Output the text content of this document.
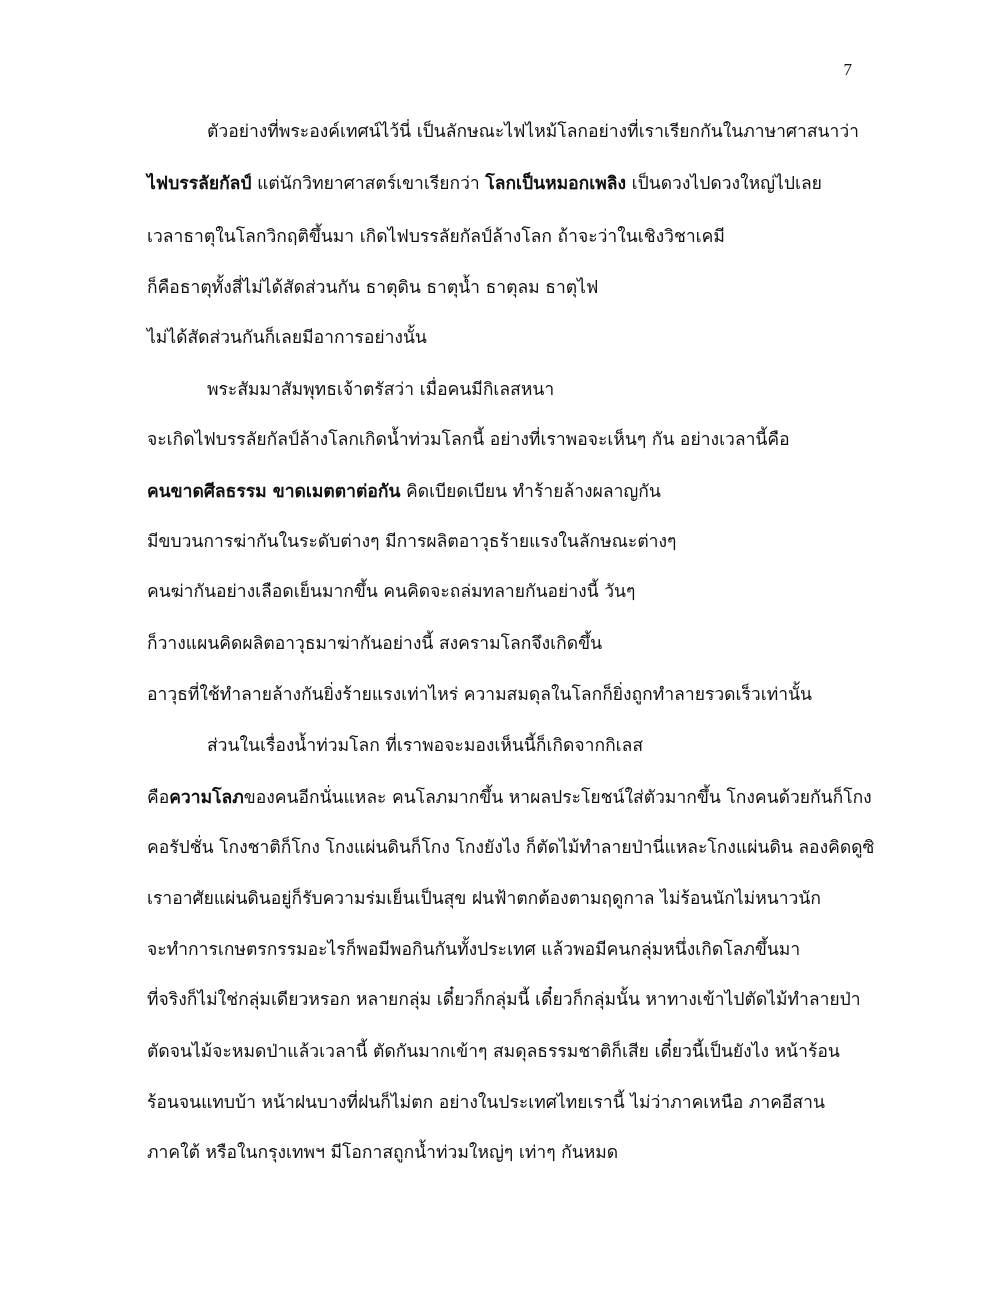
7
ตัวอย่างที่พระองค์เทศน์ไว้นี่ เป็นลักษณะไฟไหม้โลกอย่างที่เราเรียกกันในภาษาศาสนาว่า
ไฟบรรลัยกัลป์ แต่นักวิทยาศาสตร์เขาเรียกว่า โลกเป็นหมอกเพลิง เป็นดวงไปดวงใหญ่ไปเลย
เวลาธาตุในโลกวิกฤติขึ้นมา เกิดไฟบรรลัยกัลป์ล้างโลก ถ้าจะว่าในเชิงวิชาเคมี
ก็คือธาตุทั้งสี่ไม่ได้สัดส่วนกัน ธาตุดิน ธาตุน้ำ ธาตุลม ธาตุไฟ
ไม่ได้สัดส่วนกันก็เลยมีอาการอย่างนั้น
พระสัมมาสัมพุทธเจ้าตรัสว่า เมื่อคนมีกิเลสหนา
จะเกิดไฟบรรลัยกัลป์ล้างโลกเกิดน้ำท่วมโลกนี้ อย่างที่เราพอจะเห็นๆ กัน อย่างเวลานี้คือ
คนขาดศีลธรรม ขาดเมตตาต่อกัน คิดเบียดเบียน ทำร้ายล้างผลาญกัน
มีขบวนการฆ่ากันในระดับต่างๆ มีการผลิตอาวุธร้ายแรงในลักษณะต่างๆ
คนฆ่ากันอย่างเลือดเย็นมากขึ้น คนคิดจะถล่มทลายกันอย่างนี้ วันๆ
ก็วางแผนคิดผลิตอาวุธมาฆ่ากันอย่างนี้ สงครามโลกจึงเกิดขึ้น
อาวุธที่ใช้ทำลายล้างกันยิ่งร้ายแรงเท่าไหร่ ความสมดุลในโลกก็ยิ่งถูกทำลายรวดเร็วเท่านั้น
ส่วนในเรื่องน้ำท่วมโลก ที่เราพอจะมองเห็นนี้ก็เกิดจากกิเลส
คือความโลภของคนอีกนั่นแหละ คนโลภมากขึ้น หาผลประโยชน์ใส่ตัวมากขึ้น โกงคนด้วยกันก็โกง
คอรัปชั่น โกงชาติก็โกง โกงแผ่นดินก็โกง โกงยังไง ก็ตัดไม้ทำลายป่านี่แหละโกงแผ่นดิน ลองคิดดูซิ
เราอาศัยแผ่นดินอยู่ก็รับความร่มเย็นเป็นสุข ฝนฟ้าตกต้องตามฤดูกาล ไม่ร้อนนักไม่หนาวนัก
จะทำการเกษตรกรรมอะไรก็พอมีพอกินกันทั้งประเทศ แล้วพอมีคนกลุ่มหนึ่งเกิดโลภขึ้นมา
ที่จริงก็ไม่ใช่กลุ่มเดียวหรอก หลายกลุ่ม เดี๋ยวก็กลุ่มนี้ เดี๋ยวก็กลุ่มนั้น หาทางเข้าไปตัดไม้ทำลายป่า
ตัดจนไม้จะหมดป่าแล้วเวลานี้ ตัดกันมากเข้าๆ สมดุลธรรมชาติก็เสีย เดี๋ยวนี้เป็นยังไง หน้าร้อน
ร้อนจนแทบบ้า หน้าฝนบางที่ฝนก็ไม่ตก อย่างในประเทศไทยเรานี้ ไม่ว่าภาคเหนือ ภาคอีสาน
ภาคใต้ หรือในกรุงเทพฯ มีโอกาสถูกน้ำท่วมใหญ่ๆ เท่าๆ กันหมด
